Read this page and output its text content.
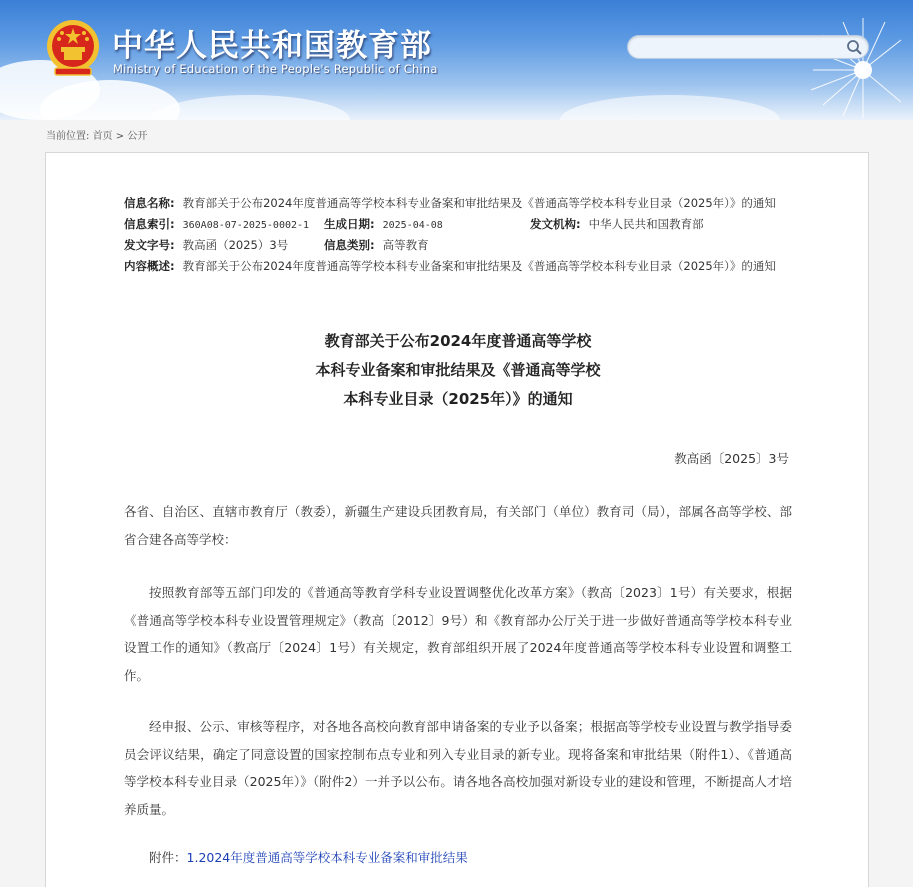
中华人民共和国教育部
Ministry of Education of the People's Republic of China
当前位置: 首页 > 公开
信息名称: 教育部关于公布2024年度普通高等学校本科专业备案和审批结果及《普通高等学校本科专业目录（2025年）》的通知
信息索引: 360A08-07-2025-0002-1 生成日期: 2025-04-08	发文机构: 中华人民共和国教育部
发文字号: 教高函（2025）3号	信息类别: 高等教育
内容概述: 教育部关于公布2024年度普通高等学校本科专业备案和审批结果及《普通高等学校本科专业目录（2025年）》的通知
教育部关于公布2024年度普通高等学校
本科专业备案和审批结果及《普通高等学校
本科专业目录（2025年）》的通知
教高函〔2025〕3号
各省、自治区、直辖市教育厅（教委），新疆生产建设兵团教育局，有关部门（单位）教育司（局），部属各高等学校、部省合建各高等学校：
按照教育部等五部门印发的《普通高等教育学科专业设置调整优化改革方案》（教高〔2023〕1号）有关要求，根据《普通高等学校本科专业设置管理规定》（教高〔2012〕9号）和《教育部办公厅关于进一步做好普通高等学校本科专业设置工作的通知》（教高厅〔2024〕1号）有关规定，教育部组织开展了2024年度普通高等学校本科专业设置和调整工作。
经申报、公示、审核等程序，对各地各高校向教育部申请备案的专业予以备案；根据高等学校专业设置与教学指导委员会评议结果，确定了同意设置的国家控制布点专业和列入专业目录的新专业。现将备案和审批结果（附件1）、《普通高等学校本科专业目录（2025年）》（附件2）一并予以公布。请各地各高校加强对新设专业的建设和管理，不断提高人才培养质量。
附件：1.2024年度普通高等学校本科专业备案和审批结果
